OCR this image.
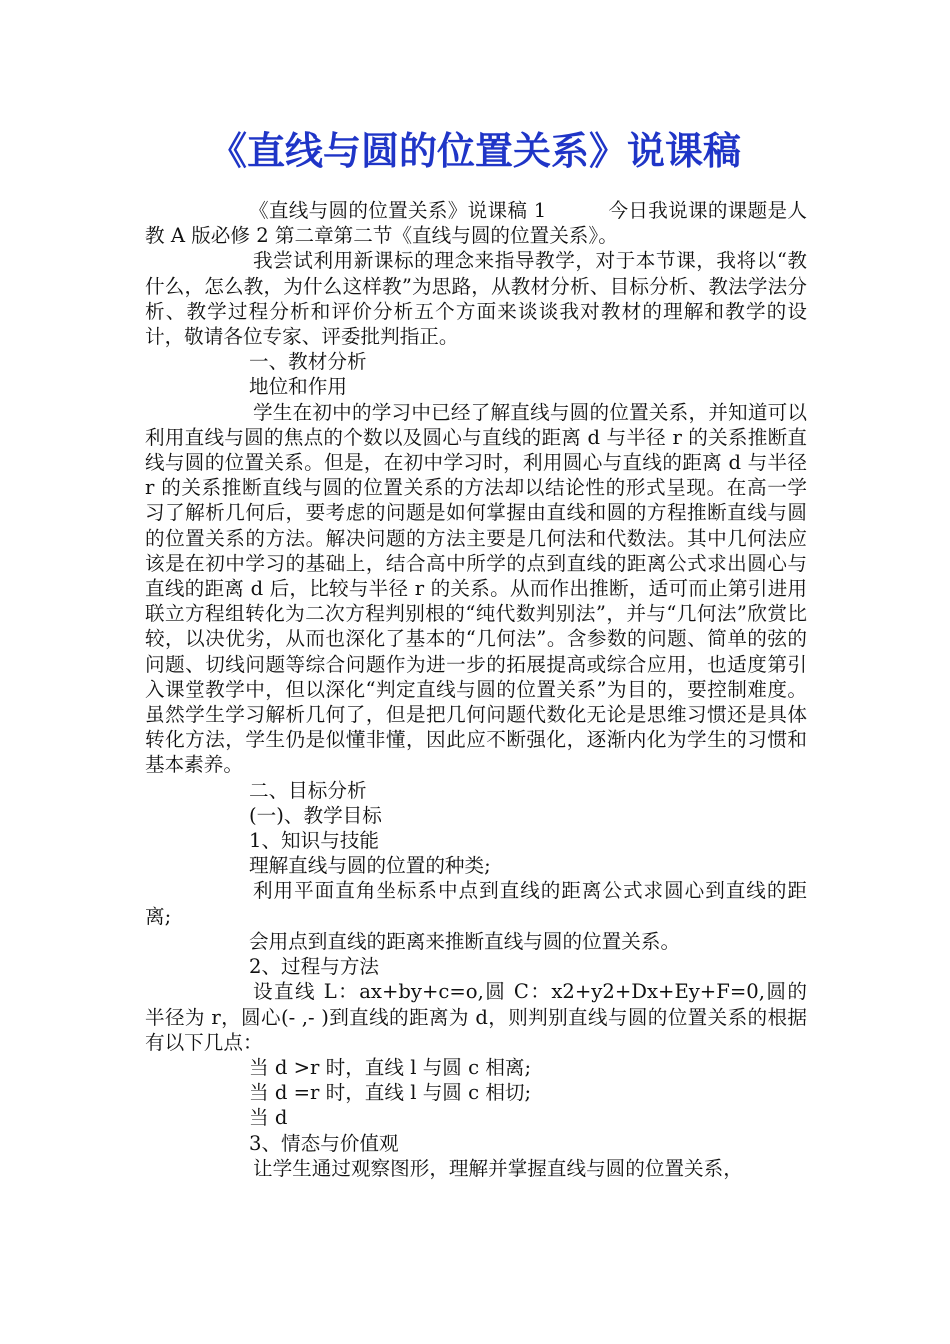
《直线与圆的位置关系》说课稿

《直线与圆的位置关系》说课稿 1	今日我说课的课题是人教 A 版必修 2 第二章第二节《直线与圆的位置关系》。

我尝试利用新课标的理念来指导教学，对于本节课，我将以“教什么，怎么教，为什么这样教”为思路，从教材分析、目标分析、教法学法分析、教学过程分析和评价分析五个方面来谈谈我对教材的理解和教学的设计，敬请各位专家、评委批判指正。

一、教材分析

地位和作用

学生在初中的学习中已经了解直线与圆的位置关系，并知道可以利用直线与圆的焦点的个数以及圆心与直线的距离 d 与半径 r 的关系推断直线与圆的位置关系。但是，在初中学习时，利用圆心与直线的距离 d 与半径 r 的关系推断直线与圆的位置关系的方法却以结论性的形式呈现。在高一学习了解析几何后，要考虑的问题是如何掌握由直线和圆的方程推断直线与圆的位置关系的方法。解决问题的方法主要是几何法和代数法。其中几何法应该是在初中学习的基础上，结合高中所学的点到直线的距离公式求出圆心与直线的距离 d 后，比较与半径 r 的关系。从而作出推断，适可而止第引进用联立方程组转化为二次方程判别根的“纯代数判别法”，并与“几何法”欣赏比较，以决优劣，从而也深化了基本的“几何法”。含参数的问题、简单的弦的问题、切线问题等综合问题作为进一步的拓展提高或综合应用，也适度第引入课堂教学中，但以深化“判定直线与圆的位置关系”为目的，要控制难度。虽然学生学习解析几何了，但是把几何问题代数化无论是思维习惯还是具体转化方法，学生仍是似懂非懂，因此应不断强化，逐渐内化为学生的习惯和基本素养。

二、目标分析

(一)、教学目标

1、知识与技能

理解直线与圆的位置的种类;

利用平面直角坐标系中点到直线的距离公式求圆心到直线的距离;

会用点到直线的距离来推断直线与圆的位置关系。

2、过程与方法

设直线 L：ax+by+c=o,圆 C：x2+y2+Dx+Ey+F=0,圆的半径为 r，圆心(- ,- )到直线的距离为 d，则判别直线与圆的位置关系的根据有以下几点：

当 d >r 时，直线 l 与圆 c 相离;

当 d =r 时，直线 l 与圆 c 相切;

当 d

3、情态与价值观

让学生通过观察图形，理解并掌握直线与圆的位置关系，
